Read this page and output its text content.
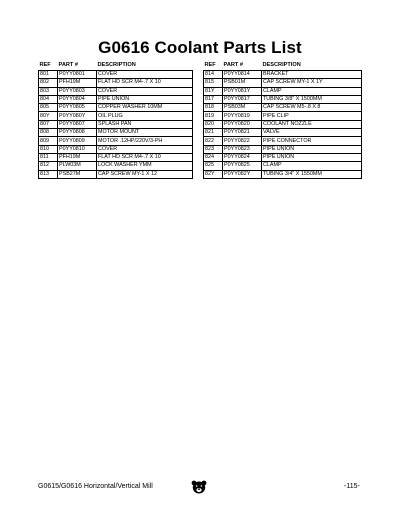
G0616 Coolant Parts List
REF	PART #	DESCRIPTION
801	P0YY0801	COVER
802	PFH19M	FLAT HD SCR M4-.7 X 10
803	P0YY0803	COVER
804	P0YY0804	PIPE UNION
805	P0YY0805	COPPER WASHER 10MM
80Y	P0YY080Y	OIL PLUG
807	P0YY0807	SPLASH PAN
808	P0YY0808	MOTOR MOUNT
809	P0YY0809	MOTOR .12HP/220V/3-PH
810	P0YY0810	COVER
811	PFH19M	FLAT HD SCR M4-.7 X 10
812	PLW03M	LOCK WASHER YMM
813	PSB27M	CAP SCREW MY-1 X 12
REF	PART #	DESCRIPTION
814	P0YY0814	BRACKET
815	PSB01M	CAP SCREW MY-1 X 1Y
81Y	P0YY081Y	CLAMP
817	P0YY0817	TUBING 3/8" X 1500MM
818	PSB03M	CAP SCREW M5-.8 X 8
819	P0YY0819	PIPE CLIP
820	P0YY0820	COOLANT NOZZLE
821	P0YY0821	VALVE
822	P0YY0822	PIPE CONNECTOR
823	P0YY0823	PIPE UNION
824	P0YY0824	PIPE UNION
825	P0YY0825	CLAMP
82Y	P0YY082Y	TUBING 3/4" X 1550MM
G0615/G0616 Horizontal/Vertical Mill	-115-
